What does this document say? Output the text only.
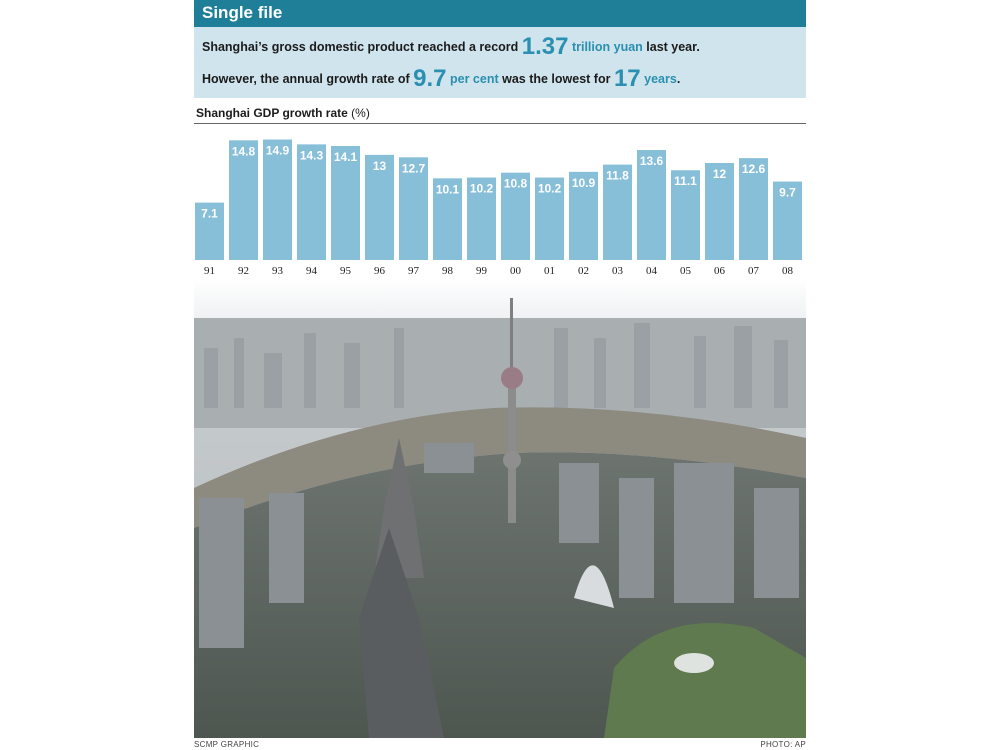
Single file
Shanghai’s gross domestic product reached a record 1.37 trillion yuan last year.
However, the annual growth rate of 9.7 per cent was the lowest for 17 years.
Shanghai GDP growth rate (%)
7.1
91
14.8
92
14.9
93
14.3
94
14.1
95
13
96
12.7
97
10.1
98
10.2
99
10.8
00
10.2
01
10.9
02
11.8
03
13.6
04
11.1
05
12
06
12.6
07
9.7
08
SCMP GRAPHIC	PHOTO: AP
